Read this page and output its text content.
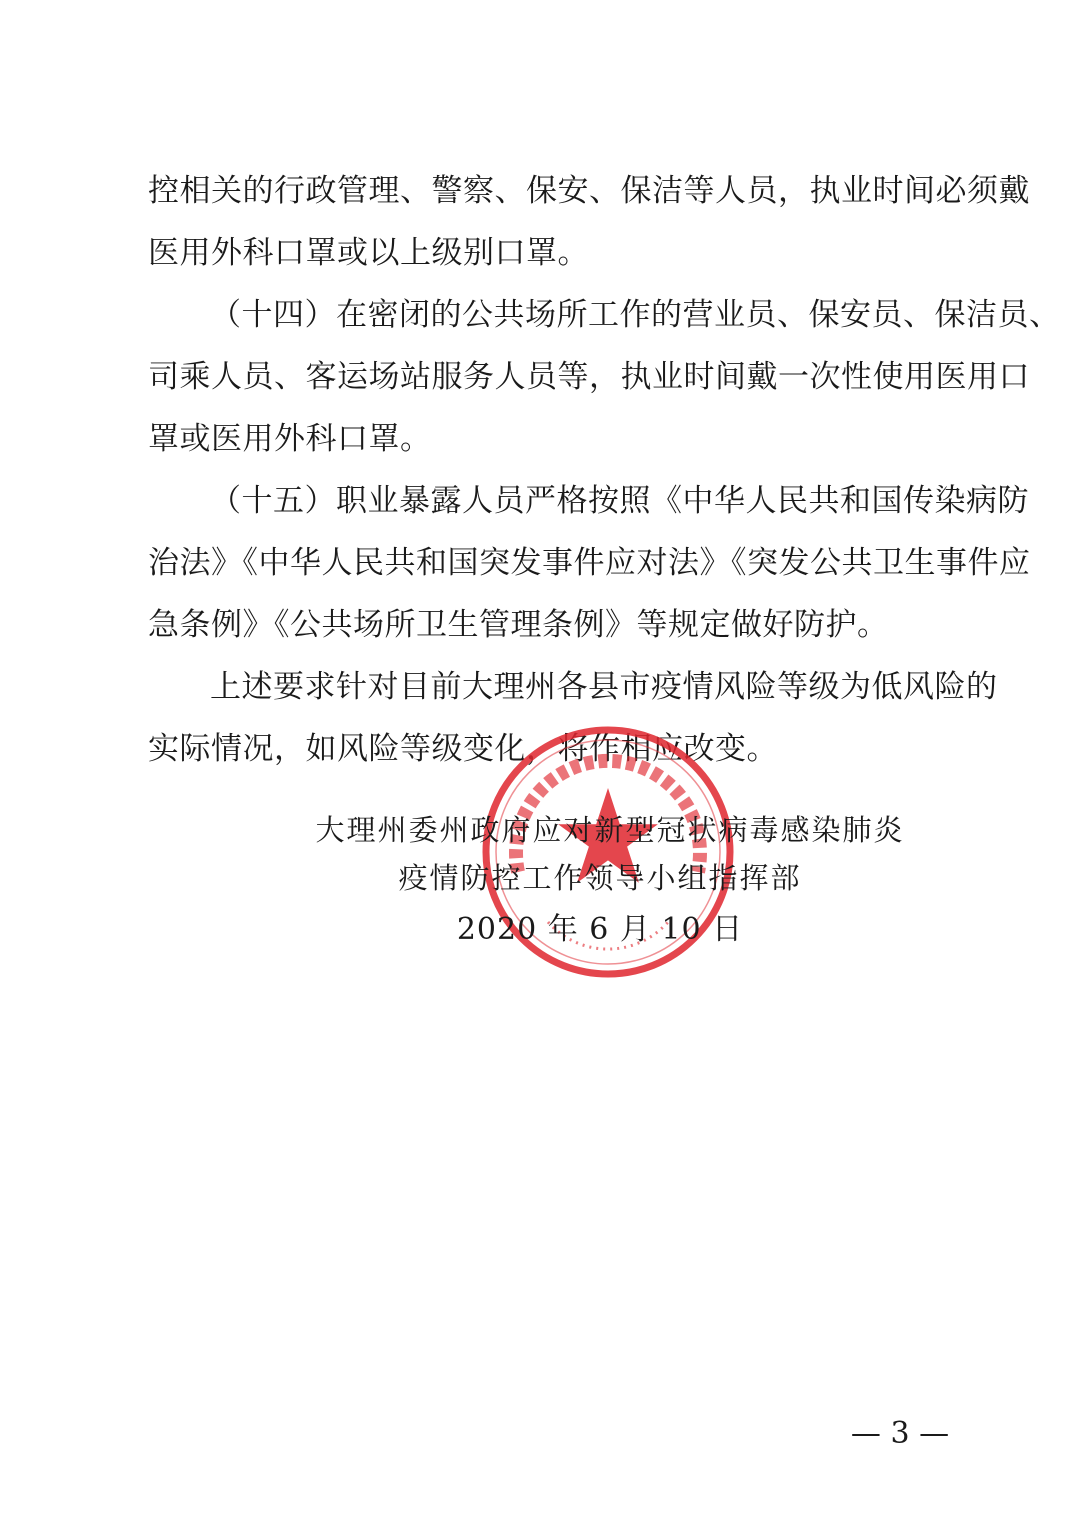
控相关的行政管理、警察、保安、保洁等人员，执业时间必须戴
医用外科口罩或以上级别口罩。
（十四）在密闭的公共场所工作的营业员、保安员、保洁员、
司乘人员、客运场站服务人员等，执业时间戴一次性使用医用口
罩或医用外科口罩。
（十五）职业暴露人员严格按照《中华人民共和国传染病防
治法》《中华人民共和国突发事件应对法》《突发公共卫生事件应
急条例》《公共场所卫生管理条例》等规定做好防护。
上述要求针对目前大理州各县市疫情风险等级为低风险的
实际情况，如风险等级变化，将作相应改变。
大理州委州政府应对新型冠状病毒感染肺炎
疫情防控工作领导小组指挥部
2020 年 6 月 10 日
— 3 —
